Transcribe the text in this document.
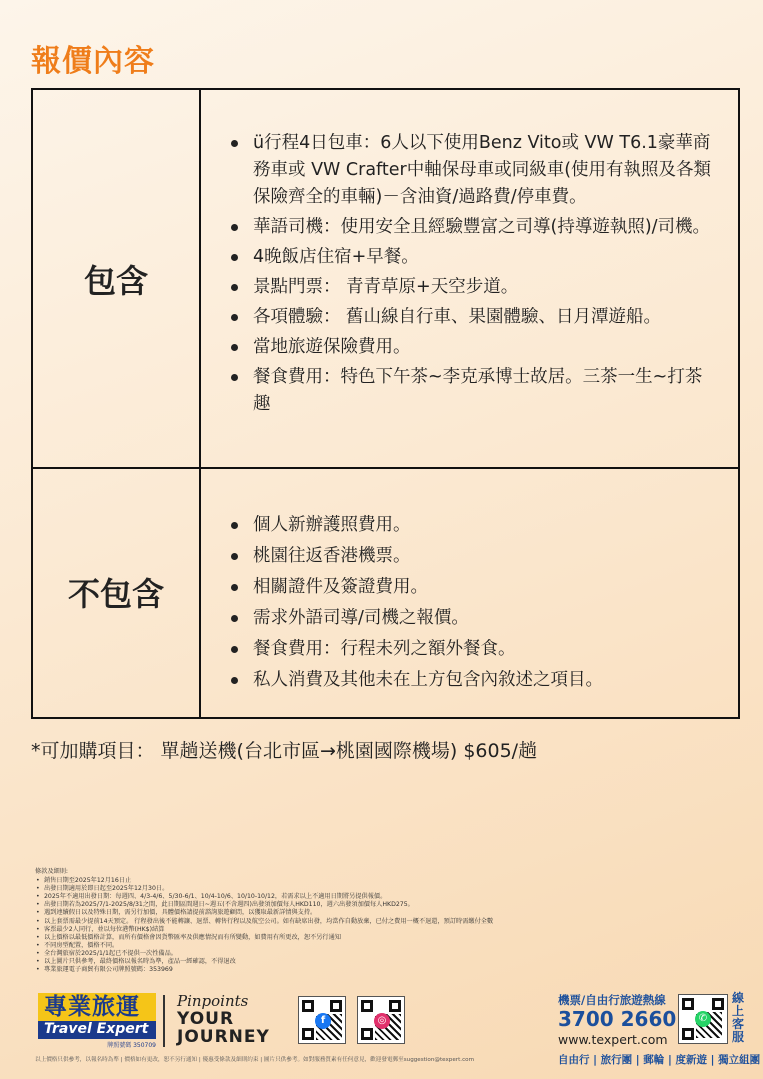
報價內容
包含
ü行程4日包車：6人以下使用Benz Vito或 VW T6.1豪華商務車或 VW Crafter中軸保母車或同級車(使用有執照及各類保險齊全的車輛)－含油資/過路費/停車費。
華語司機：使用安全且經驗豐富之司導(持導遊執照)/司機。
4晚飯店住宿+早餐。
景點門票： 青青草原+天空步道。
各項體驗： 舊山線自行車、果園體驗、日月潭遊船。
當地旅遊保險費用。
餐食費用：特色下午茶~李克承博士故居。三茶一生~打茶趣
不包含
個人新辦護照費用。
桃園往返香港機票。
相關證件及簽證費用。
需求外語司導/司機之報價。
餐食費用：行程未列之額外餐食。
私人消費及其他未在上方包含內敘述之項目。
*可加購項目： 單趟送機(台北市區→桃園國際機場) $605/趟
條款及細則:
• 銷售日期至2025年12月16日止
• 出發日期適用於即日起至2025年12月30日。
• 2025年不適用出發日期：每週四、4/3-4/6、5/30-6/1、10/4-10/6、10/10-10/12，若需求以上不適用日期將另提供報價。
• 出發日期若為2025/7/1-2025/8/31之間，此日期區間週日~週五(不含週四)出發須加價每人HKD110，週六出發須加價每人HKD275。
• 遇到連續假日以及特殊日期，需另行加價，具體價格請提前諮詢旅遊顧問，以獲取最新詳情與支持。
• 以上套票需最少提前14天預定。 行程發出後不能轉讓、退票、轉售行程以及航空公司。如有缺席出發，均當作自動放棄，已付之費用一概不退還，預訂時需繳付全數
• 客票最少2人同行，並以每位港幣(HK$)結算
• 以上價格以最低價格計算，而所有價格會因貨幣匯率及供應情況而有所變動，如費用有所更改，恕不另行通知
• 不同房型配置，價格不同。
• 全台灣旅宿於2025/1/1起已不提供一次性備品。
• 以上圖片只供參考，最終價格以報名時為準，產品一經確認，不得退改
• 專業旅運電子商貿有限公司牌照號碼：353969
專業旅運
Travel Expert
牌照號碼 350709
Pinpoints
YOUR
JOURNEY
f	◎
機票/自由行旅遊熱線
3700 2660
www.texpert.com
✆
線上客服
自由行 | 旅行團 | 郵輪 | 度新遊 | 獨立組團
以上價格只供參考，以報名時為準 | 價格如有更改，恕不另行通知 | 優惠受條款及細則約束 | 圖片只供參考。如對服務質素有任何意見，歡迎發電郵至suggestion@texpert.com
